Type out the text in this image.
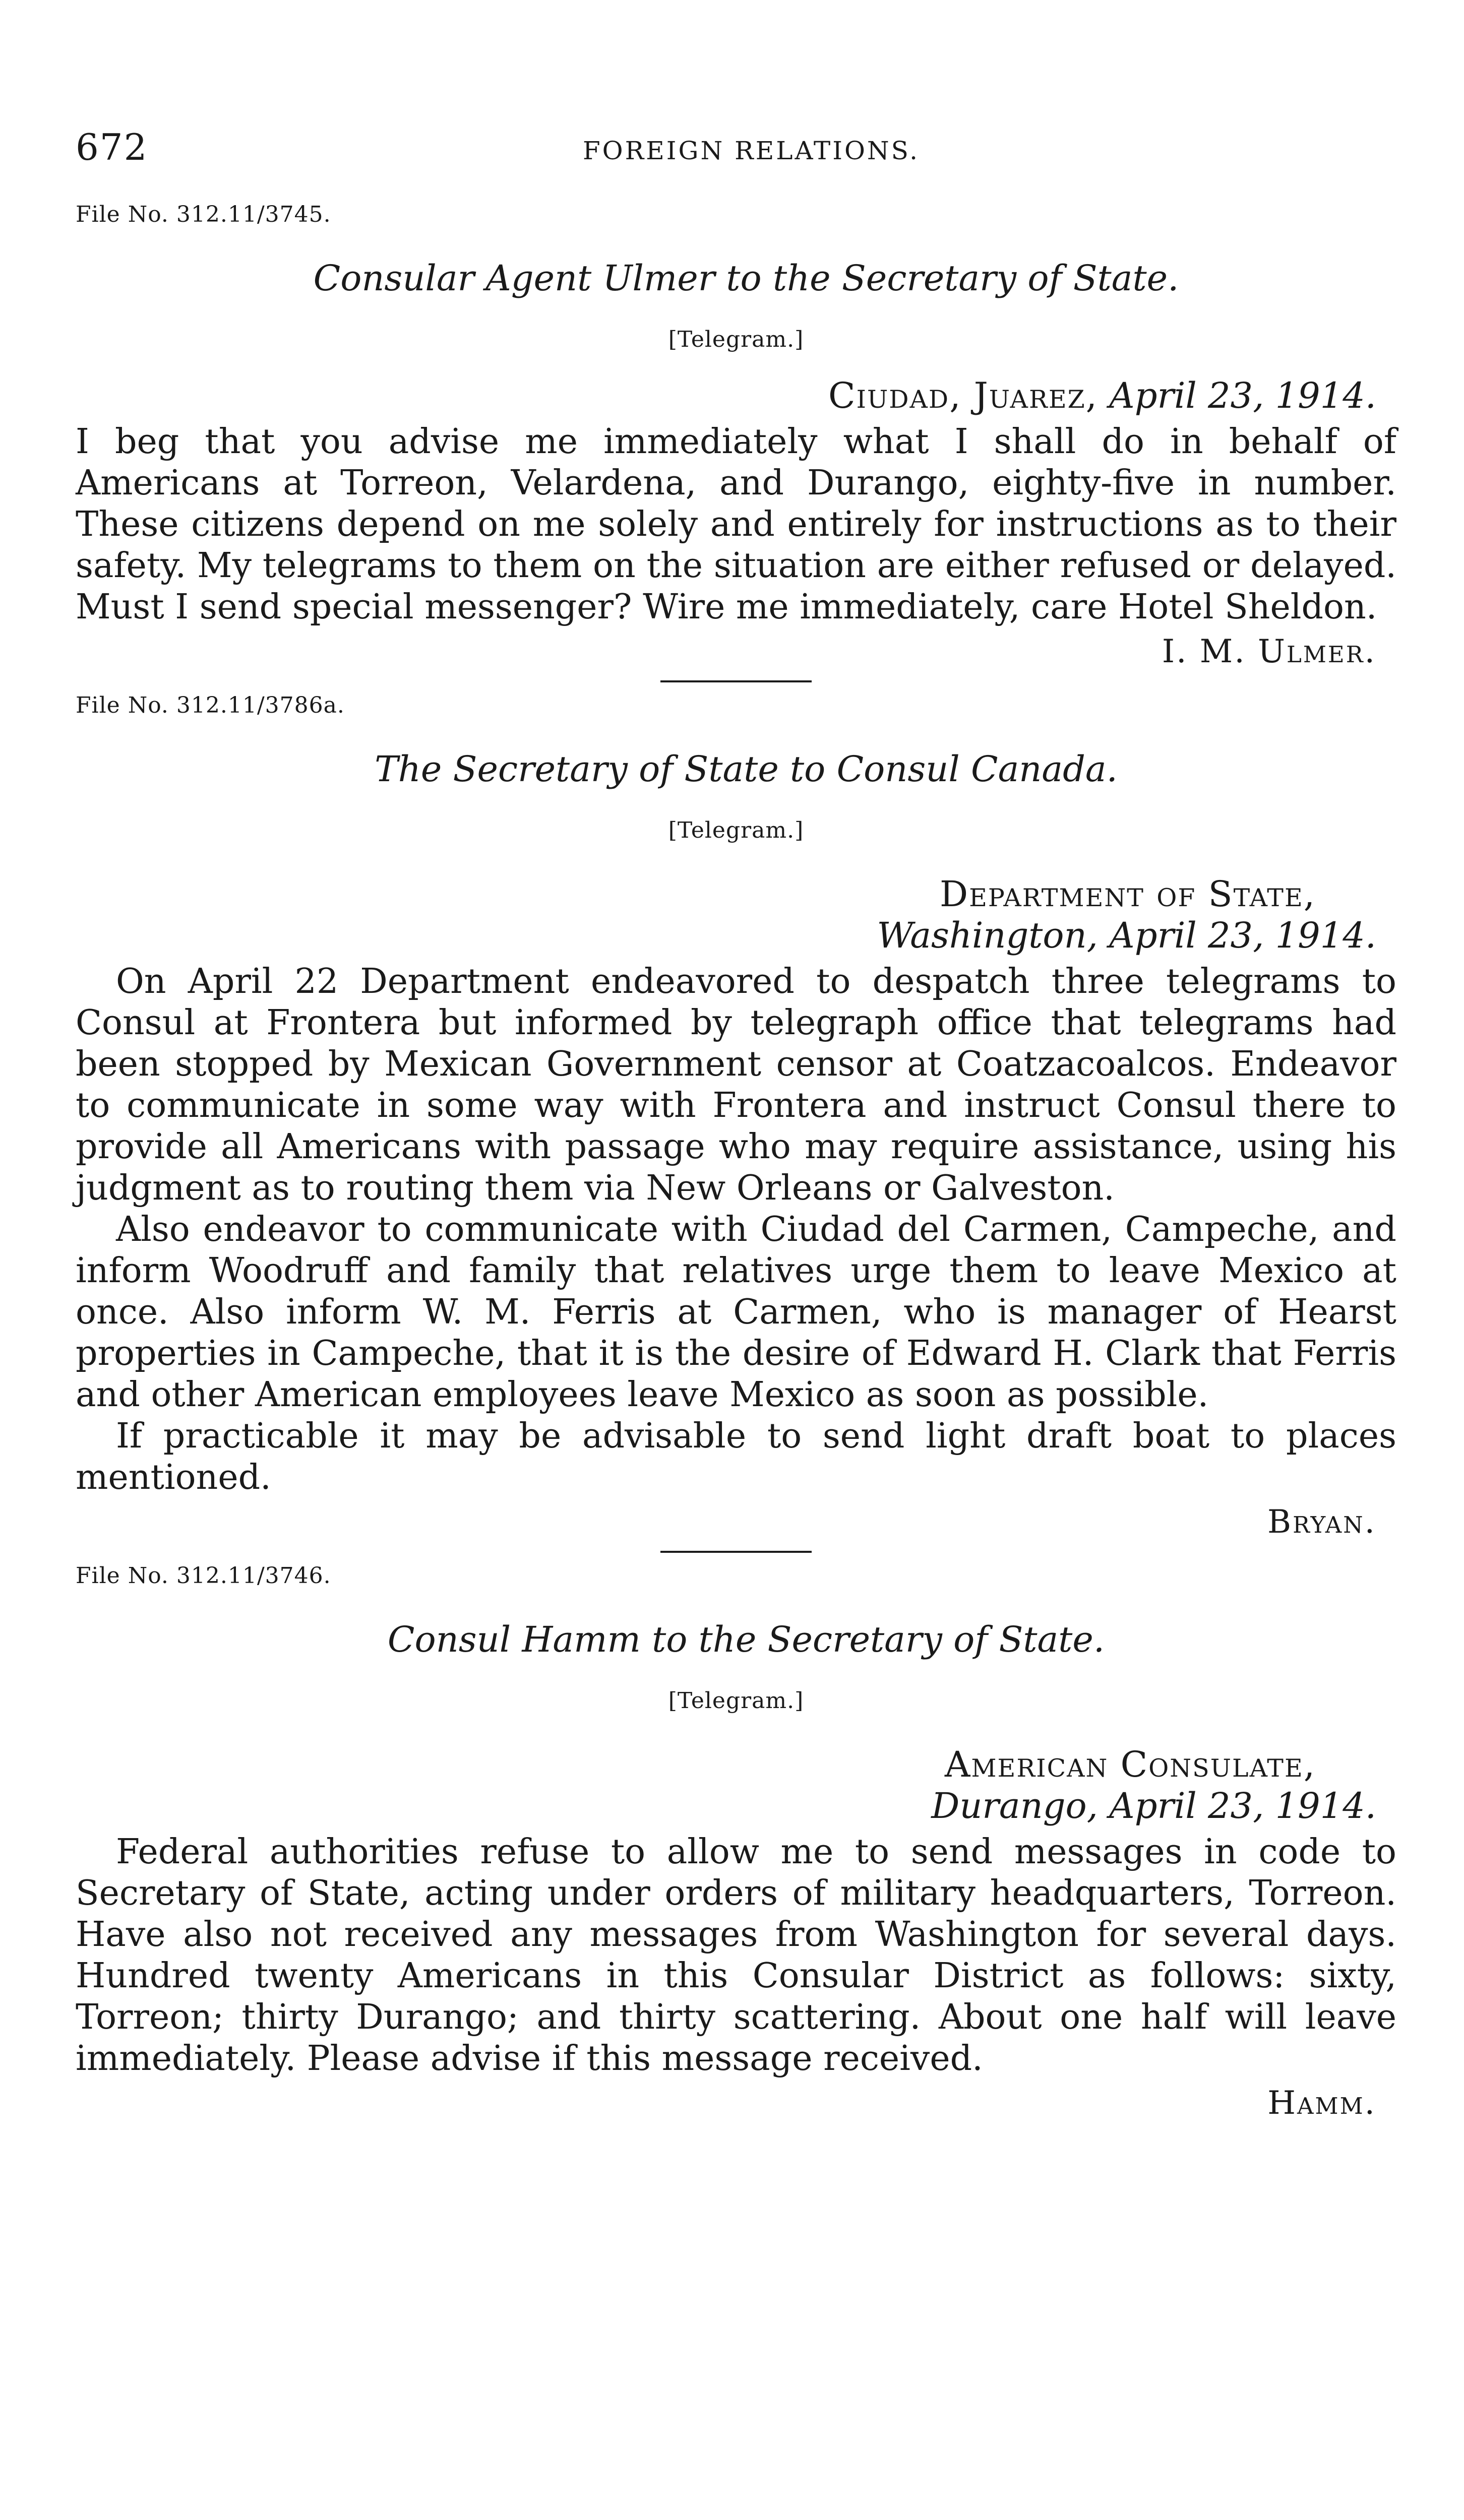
672	FOREIGN RELATIONS.
File No. 312.11/3745.
Consular Agent Ulmer to the Secretary of State.
[Telegram.]
Ciudad, Juarez, April 23, 1914.

I beg that you advise me immediately what I shall do in behalf of Americans at Torreon, Velardena, and Durango, eighty-five in number. These citizens depend on me solely and entirely for instructions as to their safety. My telegrams to them on the situation are either refused or delayed. Must I send special messenger? Wire me immediately, care Hotel Sheldon.

I. M. Ulmer.
File No. 312.11/3786a.
The Secretary of State to Consul Canada.
[Telegram.]
Department of State,
Washington, April 23, 1914.

On April 22 Department endeavored to despatch three telegrams to Consul at Frontera but informed by telegraph office that telegrams had been stopped by Mexican Government censor at Coatzacoalcos. Endeavor to communicate in some way with Frontera and instruct Consul there to provide all Americans with passage who may require assistance, using his judgment as to routing them via New Orleans or Galveston.

Also endeavor to communicate with Ciudad del Carmen, Campeche, and inform Woodruff and family that relatives urge them to leave Mexico at once. Also inform W. M. Ferris at Carmen, who is manager of Hearst properties in Campeche, that it is the desire of Edward H. Clark that Ferris and other American employees leave Mexico as soon as possible.

If practicable it may be advisable to send light draft boat to places mentioned.

Bryan.
File No. 312.11/3746.
Consul Hamm to the Secretary of State.
[Telegram.]
American Consulate,
Durango, April 23, 1914.

Federal authorities refuse to allow me to send messages in code to Secretary of State, acting under orders of military headquarters, Torreon. Have also not received any messages from Washington for several days. Hundred twenty Americans in this Consular District as follows: sixty, Torreon; thirty Durango; and thirty scattering. About one half will leave immediately. Please advise if this message received.

Hamm.
